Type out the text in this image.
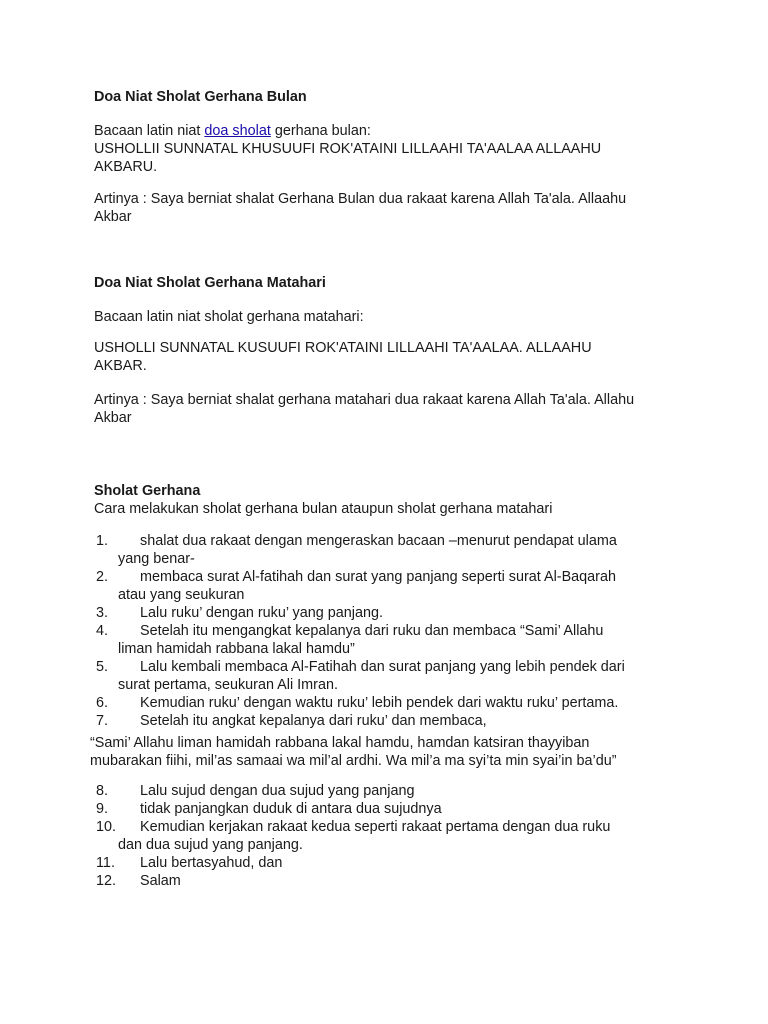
Doa Niat Sholat Gerhana Bulan

Bacaan latin niat doa sholat gerhana bulan:
USHOLLII SUNNATAL KHUSUUFI ROK'ATAINI LILLAAHI TA'AALAA ALLAAHU
AKBARU.

Artinya : Saya berniat shalat Gerhana Bulan dua rakaat karena Allah Ta'ala. Allaahu
Akbar

Doa Niat Sholat Gerhana Matahari

Bacaan latin niat sholat gerhana matahari:

USHOLLI SUNNATAL KUSUUFI ROK'ATAINI LILLAAHI TA'AALAA. ALLAAHU
AKBAR.

Artinya : Saya berniat shalat gerhana matahari dua rakaat karena Allah Ta'ala. Allahu
Akbar

Sholat Gerhana

Cara melakukan sholat gerhana bulan ataupun sholat gerhana matahari

1. shalat dua rakaat dengan mengeraskan bacaan –menurut pendapat ulama
yang benar-
2. membaca surat Al-fatihah dan surat yang panjang seperti surat Al-Baqarah
atau yang seukuran
3. Lalu ruku’ dengan ruku’ yang panjang.
4. Setelah itu mengangkat kepalanya dari ruku dan membaca “Sami’ Allahu
liman hamidah rabbana lakal hamdu”
5. Lalu kembali membaca Al-Fatihah dan surat panjang yang lebih pendek dari
surat pertama, seukuran Ali Imran.
6. Kemudian ruku’ dengan waktu ruku’ lebih pendek dari waktu ruku’ pertama.
7. Setelah itu angkat kepalanya dari ruku’ dan membaca,

“Sami’ Allahu liman hamidah rabbana lakal hamdu, hamdan katsiran thayyiban
mubarakan fiihi, mil’as samaai wa mil’al ardhi. Wa mil’a ma syi’ta min syai’in ba’du”

8. Lalu sujud dengan dua sujud yang panjang
9. tidak panjangkan duduk di antara dua sujudnya
10. Kemudian kerjakan rakaat kedua seperti rakaat pertama dengan dua ruku
dan dua sujud yang panjang.
11. Lalu bertasyahud, dan
12. Salam
